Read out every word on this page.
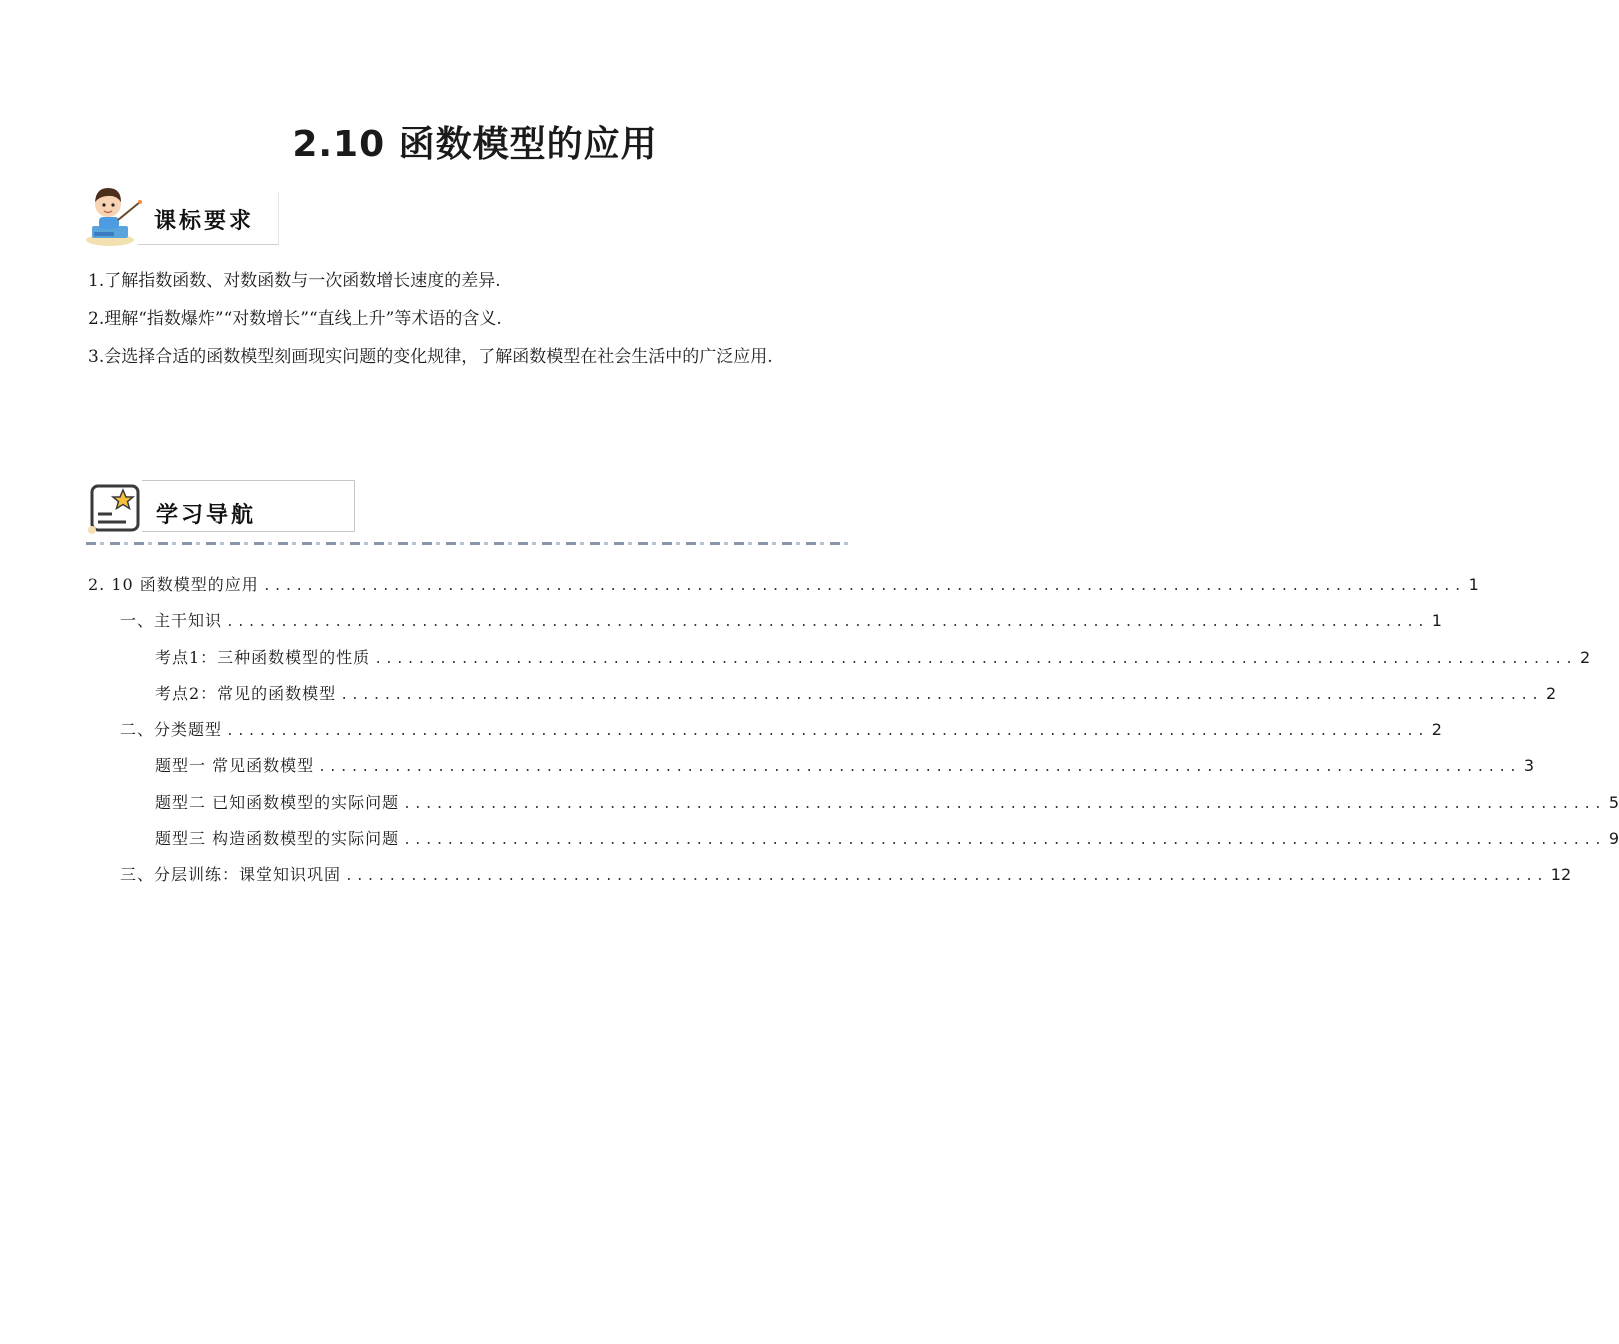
2.10 函数模型的应用
课标要求
1.了解指数函数、对数函数与一次函数增长速度的差异.
2.理解“指数爆炸”“对数增长”“直线上升”等术语的含义.
3.会选择合适的函数模型刻画现实问题的变化规律，了解函数模型在社会生活中的广泛应用.
学习导航
2. 10 函数模型的应用 ............................................................................................................... 1
一、主干知识 ............................................................................................................... 1
考点1：三种函数模型的性质 ............................................................................................................... 2
考点2：常见的函数模型 ............................................................................................................... 2
二、分类题型 ............................................................................................................... 2
题型一 常见函数模型 ............................................................................................................... 3
题型二 已知函数模型的实际问题 ............................................................................................................... 5
题型三 构造函数模型的实际问题 ............................................................................................................... 9
三、分层训练：课堂知识巩固 ............................................................................................................... 12
